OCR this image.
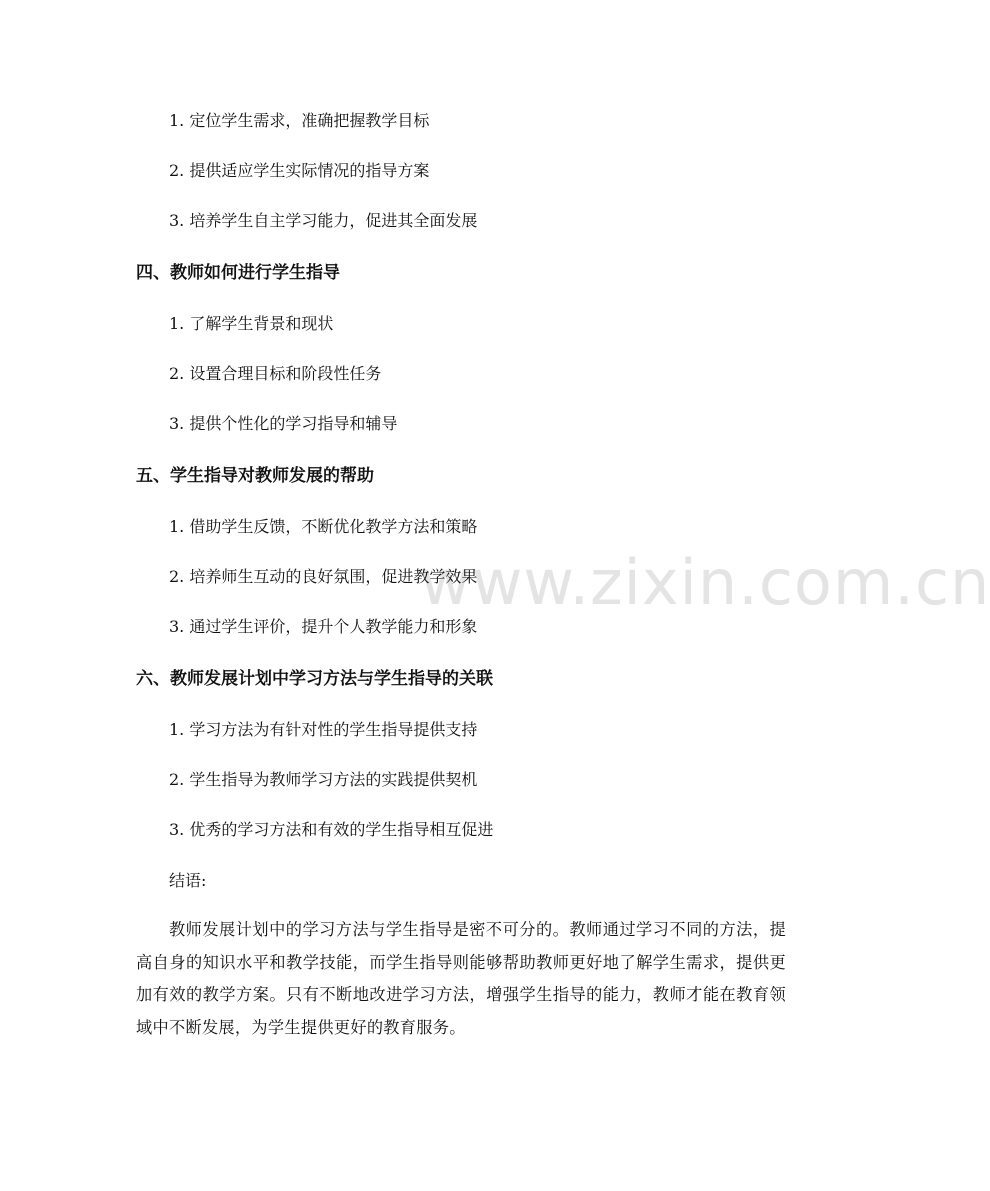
www.zixin.com.cn
1. 定位学生需求，准确把握教学目标
2. 提供适应学生实际情况的指导方案
3. 培养学生自主学习能力，促进其全面发展
四、教师如何进行学生指导
1. 了解学生背景和现状
2. 设置合理目标和阶段性任务
3. 提供个性化的学习指导和辅导
五、学生指导对教师发展的帮助
1. 借助学生反馈，不断优化教学方法和策略
2. 培养师生互动的良好氛围，促进教学效果
3. 通过学生评价，提升个人教学能力和形象
六、教师发展计划中学习方法与学生指导的关联
1. 学习方法为有针对性的学生指导提供支持
2. 学生指导为教师学习方法的实践提供契机
3. 优秀的学习方法和有效的学生指导相互促进
结语:
教师发展计划中的学习方法与学生指导是密不可分的。教师通过学习不同的方法，提高自身的知识水平和教学技能，而学生指导则能够帮助教师更好地了解学生需求，提供更加有效的教学方案。只有不断地改进学习方法，增强学生指导的能力，教师才能在教育领域中不断发展，为学生提供更好的教育服务。
